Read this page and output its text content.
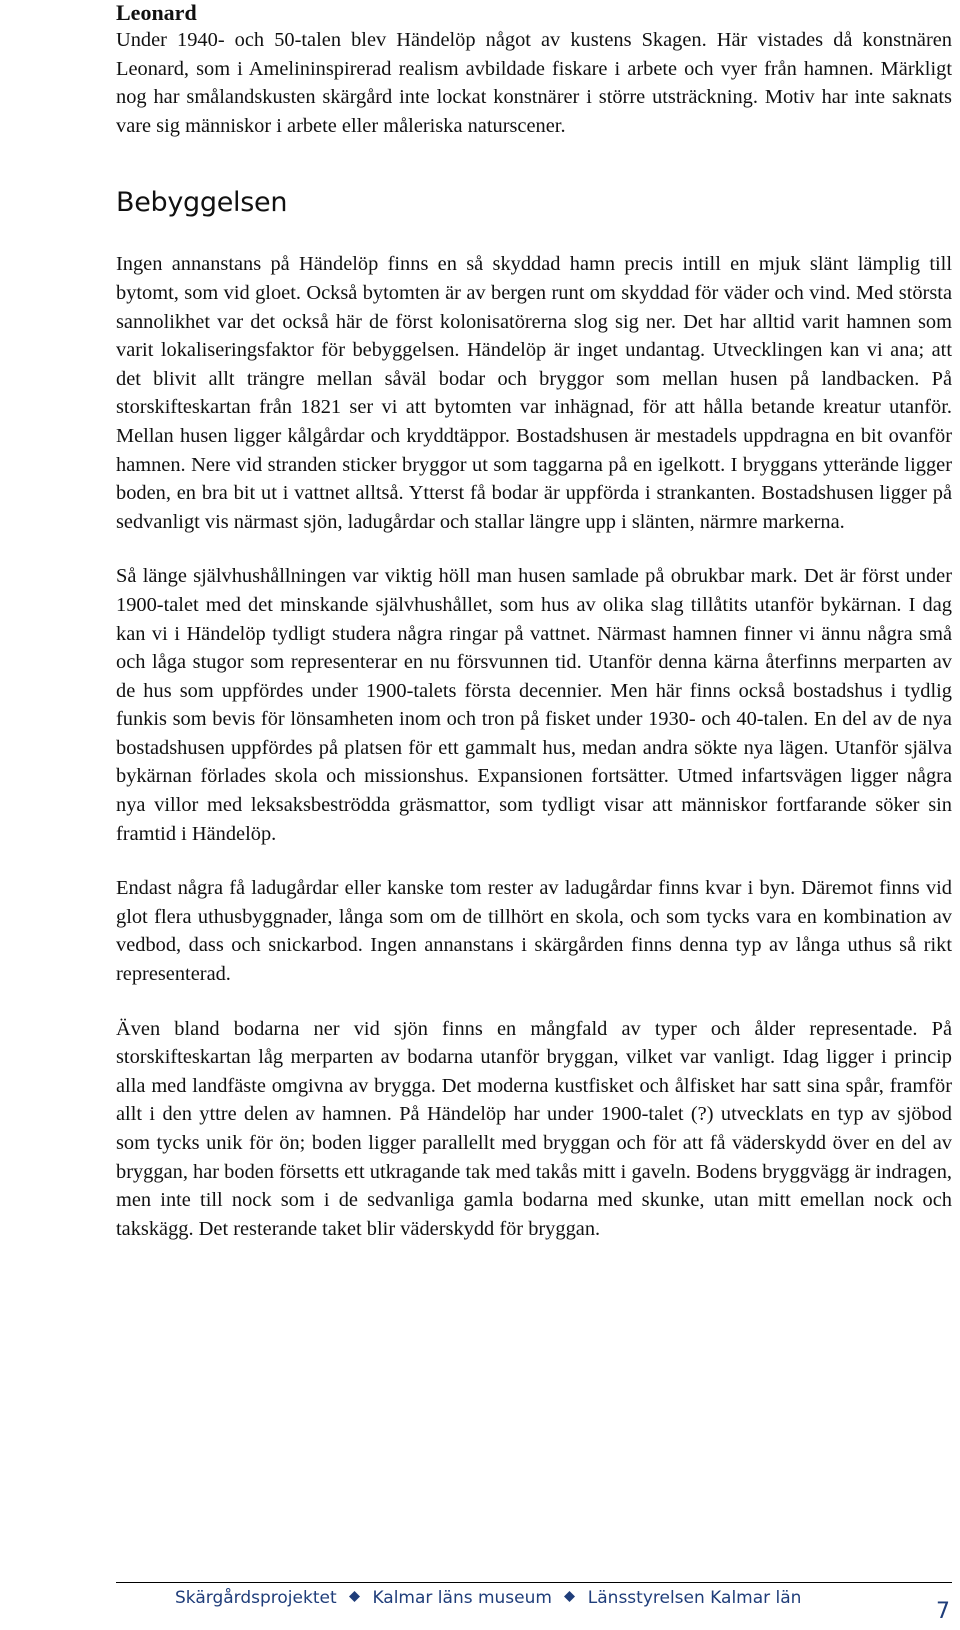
Leonard

Under 1940- och 50-talen blev Händelöp något av kustens Skagen. Här vistades då konstnären Leonard, som i Amelininspirerad realism avbildade fiskare i arbete och vyer från hamnen. Märkligt nog har smålandskusten skärgård inte lockat konstnärer i större utsträckning. Motiv har inte saknats vare sig människor i arbete eller måleriska naturscener.

Bebyggelsen

Ingen annanstans på Händelöp finns en så skyddad hamn precis intill en mjuk slänt lämplig till bytomt, som vid gloet. Också bytomten är av bergen runt om skyddad för väder och vind. Med största sannolikhet var det också här de först kolonisatörerna slog sig ner. Det har alltid varit hamnen som varit lokaliseringsfaktor för bebyggelsen. Händelöp är inget undantag. Utvecklingen kan vi ana; att det blivit allt trängre mellan såväl bodar och bryggor som mellan husen på landbacken. På storskifteskartan från 1821 ser vi att bytomten var inhägnad, för att hålla betande kreatur utanför. Mellan husen ligger kålgårdar och kryddtäppor. Bostadshusen är mestadels uppdragna en bit ovanför hamnen. Nere vid stranden sticker bryggor ut som taggarna på en igelkott. I bryggans ytterände ligger boden, en bra bit ut i vattnet alltså. Ytterst få bodar är uppförda i strankanten. Bostadshusen ligger på sedvanligt vis närmast sjön, ladugårdar och stallar längre upp i slänten, närmre markerna.

Så länge självhushållningen var viktig höll man husen samlade på obrukbar mark. Det är först under 1900-talet med det minskande självhushållet, som hus av olika slag tillåtits utanför bykärnan. I dag kan vi i Händelöp tydligt studera några ringar på vattnet. Närmast hamnen finner vi ännu några små och låga stugor som representerar en nu försvunnen tid. Utanför denna kärna återfinns merparten av de hus som uppfördes under 1900-talets första decennier. Men här finns också bostadshus i tydlig funkis som bevis för lönsamheten inom och tron på fisket under 1930- och 40-talen. En del av de nya bostadshusen uppfördes på platsen för ett gammalt hus, medan andra sökte nya lägen. Utanför själva bykärnan förlades skola och missionshus. Expansionen fortsätter. Utmed infartsvägen ligger några nya villor med leksaksbeströdda gräsmattor, som tydligt visar att människor fortfarande söker sin framtid i Händelöp.

Endast några få ladugårdar eller kanske tom rester av ladugårdar finns kvar i byn. Däremot finns vid glot flera uthusbyggnader, långa som om de tillhört en skola, och som tycks vara en kombination av vedbod, dass och snickarbod. Ingen annanstans i skärgården finns denna typ av långa uthus så rikt representerad.

Även bland bodarna ner vid sjön finns en mångfald av typer och ålder representade. På storskifteskartan låg merparten av bodarna utanför bryggan, vilket var vanligt. Idag ligger i princip alla med landfäste omgivna av brygga. Det moderna kustfisket och ålfisket har satt sina spår, framför allt i den yttre delen av hamnen. På Händelöp har under 1900-talet (?) utvecklats en typ av sjöbod som tycks unik för ön; boden ligger parallellt med bryggan och för att få väderskydd över en del av bryggan, har boden försetts ett utkragande tak med takås mitt i gaveln. Bodens bryggvägg är indragen, men inte till nock som i de sedvanliga gamla bodarna med skunke, utan mitt emellan nock och takskägg. Det resterande taket blir väderskydd för bryggan.

Skärgårdsprojektet Kalmar läns museum Länsstyrelsen Kalmar län
7
